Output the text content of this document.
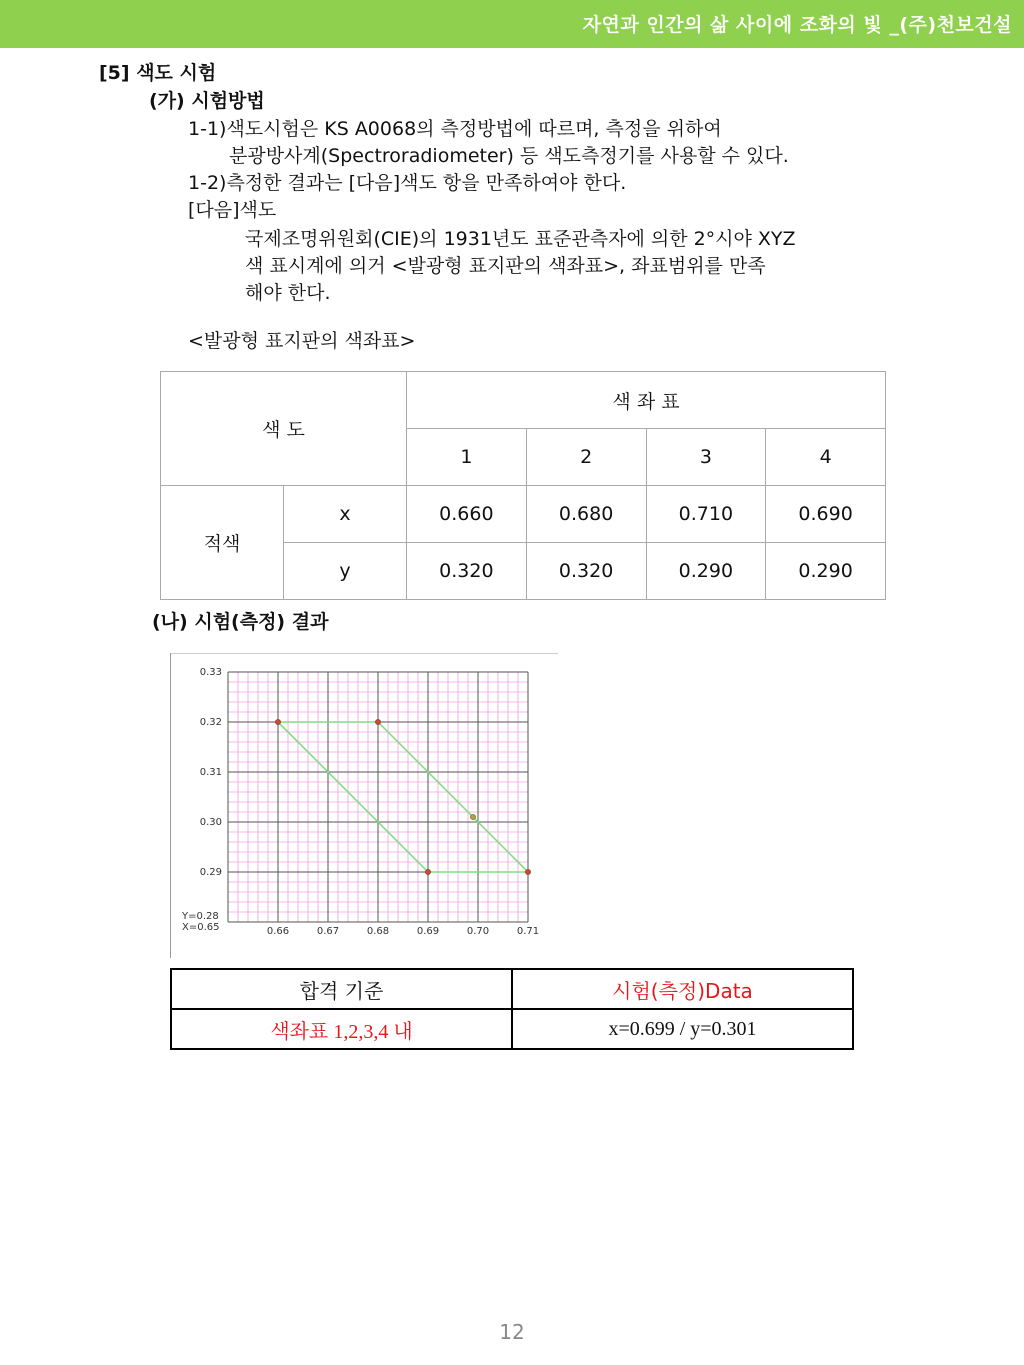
자연과 인간의 삶 사이에 조화의 빛 _(주)천보건설
[5] 색도 시험
(가) 시험방법
1-1)색도시험은 KS A0068의 측정방법에 따르며, 측정을 위하여
분광방사계(Spectroradiometer) 등 색도측정기를 사용할 수 있다.
1-2)측정한 결과는 [다음]색도 항을 만족하여야 한다.
[다음]색도
국제조명위원회(CIE)의 1931년도 표준관측자에 의한 2°시야 XYZ
색 표시계에 의거 <발광형 표지판의 색좌표>, 좌표범위를 만족
해야 한다.
<발광형 표지판의 색좌표>
색 도		색 좌 표			
		1	2	3	4
적색	x	0.660	0.680	0.710	0.690
	y	0.320	0.320	0.290	0.290
(나) 시험(측정) 결과
0.66	0.67	0.68	0.69	0.70	0.71
0.33
0.32
0.31
0.30
0.29
Y=0.28
X=0.65
합격 기준	시험(측정)Data
색좌표 1,2,3,4 내	x=0.699 / y=0.301
12
